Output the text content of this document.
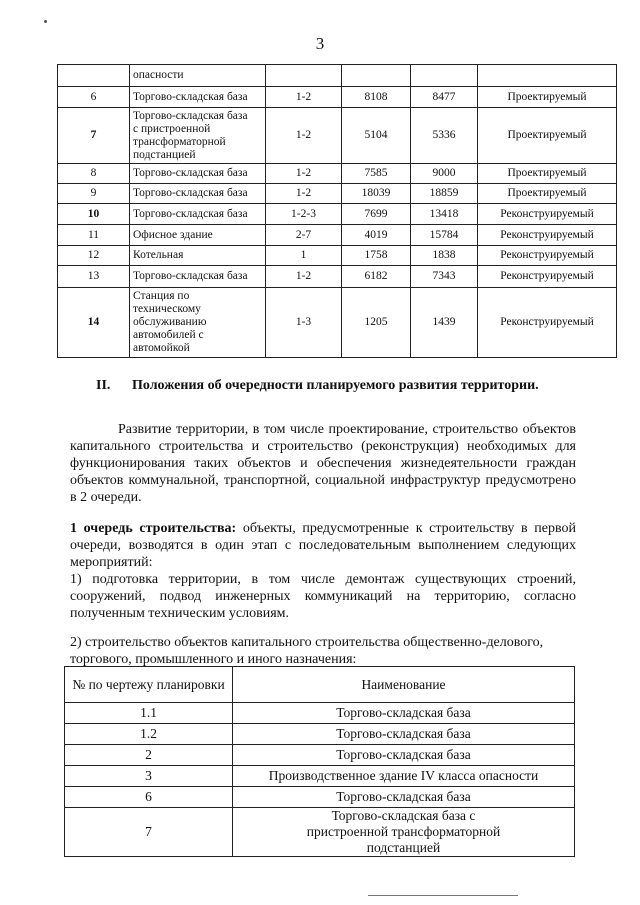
3

	опасности				

6	Торгово-складская база	1-2	8108	8477	Проектируемый
7	Торгово-складская база
с пристроенной
трансформаторной
подстанцией	1-2	5104	5336	Проектируемый
8	Торгово-складская база	1-2	7585	9000	Проектируемый
9	Торгово-складская база	1-2	18039	18859	Проектируемый
10	Торгово-складская база	1-2-3	7699	13418	Реконструируемый
11	Офисное здание	2-7	4019	15784	Реконструируемый
12	Котельная	1	1758	1838	Реконструируемый
13	Торгово-складская база	1-2	6182	7343	Реконструируемый
14	Станция по
техническому
обслуживанию
автомобилей с
автомойкой	1-3	1205	1439	Реконструируемый
II. Положения об очередности планируемого развития территории.
Развитие территории, в том числе проектирование, строительство объектов капитального строительства и строительство (реконструкция) необходимых для функционирования таких объектов и обеспечения жизнедеятельности граждан объектов коммунальной, транспортной, социальной инфраструктур предусмотрено в 2 очереди.
1 очередь строительства: объекты, предусмотренные к строительству в первой очереди, возводятся в один этап с последовательным выполнением следующих мероприятий:
1) подготовка территории, в том числе демонтаж существующих строений, сооружений, подвод инженерных коммуникаций на территорию, согласно полученным техническим условиям.
2) строительство объектов капитального строительства общественно-делового,
торгового, промышленного и иного назначения:
№ по чертежу планировки	Наименование
1.1	Торгово-складская база
1.2	Торгово-складская база
2	Торгово-складская база
3	Производственное здание IV класса опасности
6	Торгово-складская база
7	Торгово-складская база с пристроенной трансформаторной подстанцией
